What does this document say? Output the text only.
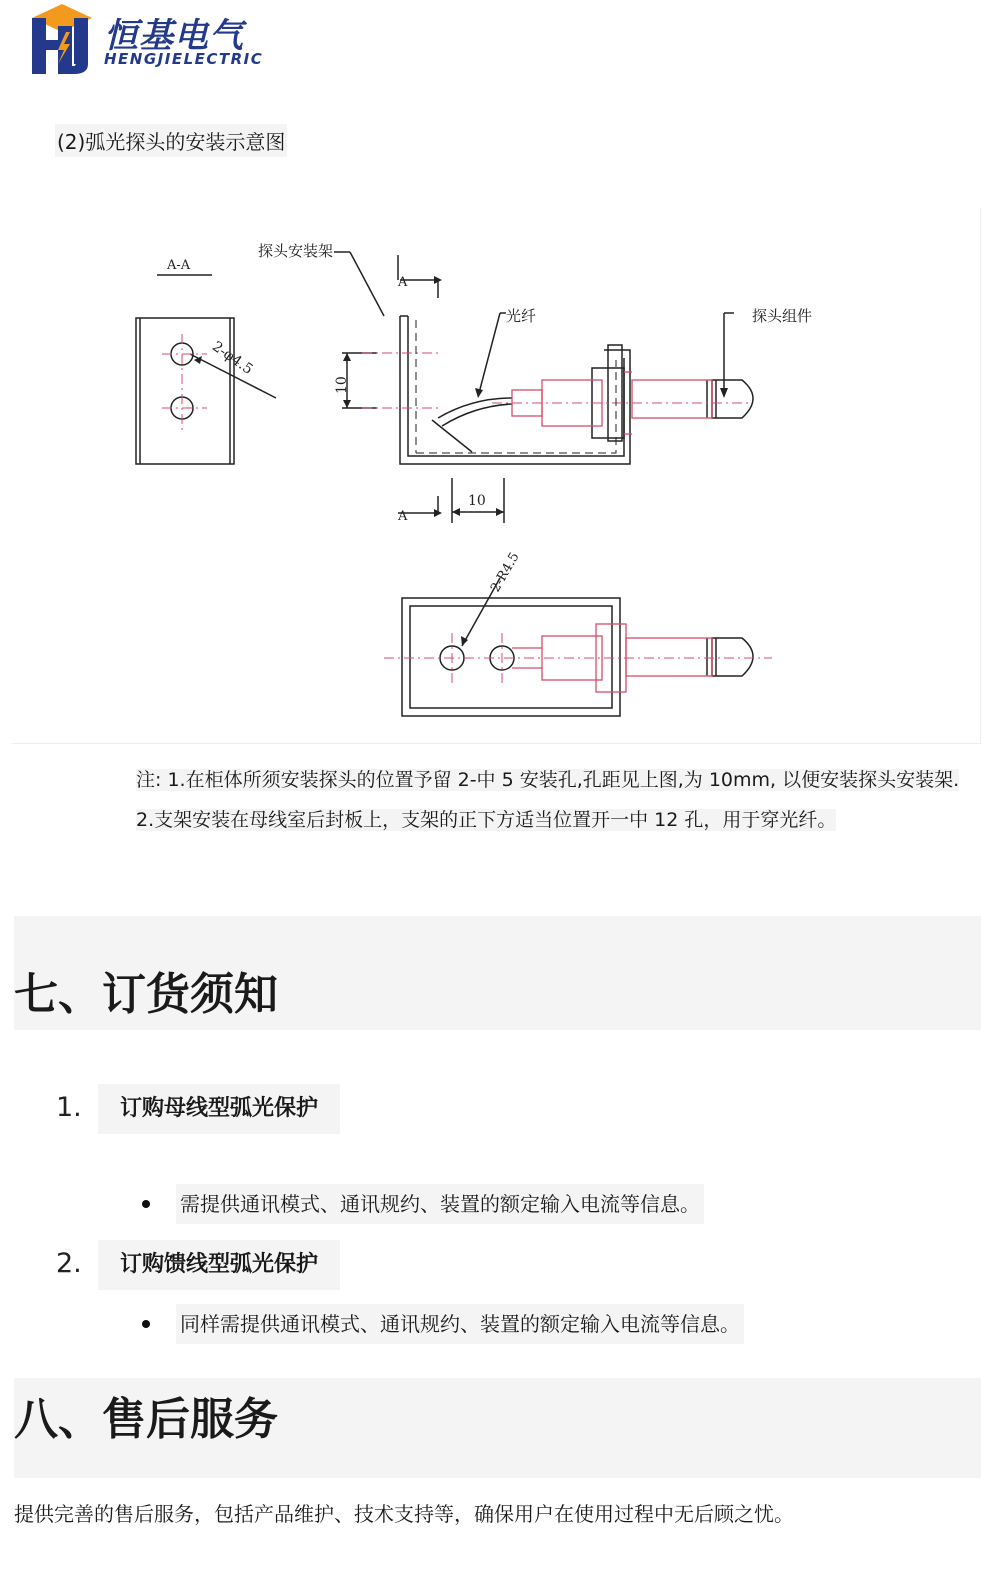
恒基电气
HENGJIELECTRIC
(2)弧光探头的安装示意图
A-A
2-φ4.5
探头安装架
光纤	探头组件
A
A
10
10
2-R4.5
注: 1.在柜体所须安装探头的位置予留 2-中 5 安装孔,孔距见上图,为 10mm, 以便安装探头安装架.
2.支架安装在母线室后封板上，支架的正下方适当位置开一中 12 孔，用于穿光纤。
七、订货须知
1.	订购母线型弧光保护
需提供通讯模式、通讯规约、装置的额定输入电流等信息。
2.	订购馈线型弧光保护
同样需提供通讯模式、通讯规约、装置的额定输入电流等信息。
八、售后服务
提供完善的售后服务，包括产品维护、技术支持等，确保用户在使用过程中无后顾之忧。
